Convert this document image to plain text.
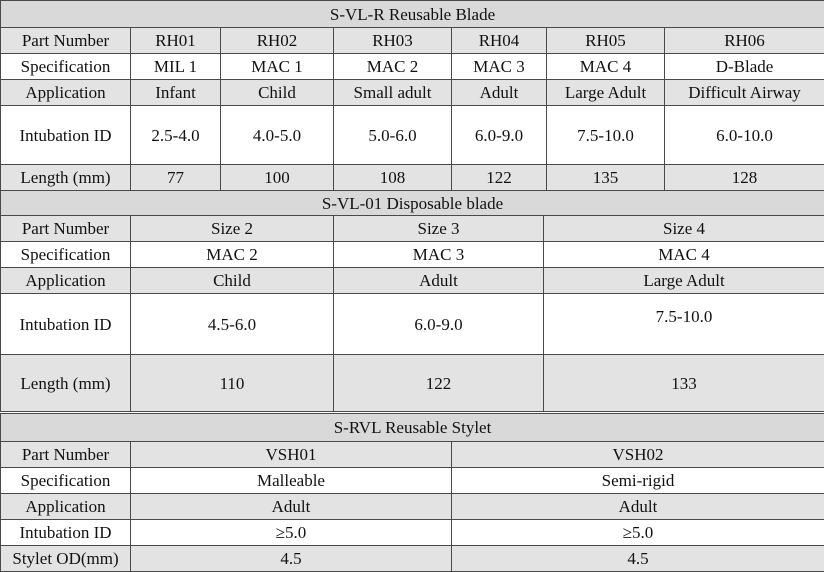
S-VL-R Reusable Blade						
Part Number	RH01	RH02	RH03	RH04	RH05	RH06
Specification	MIL 1	MAC 1	MAC 2	MAC 3	MAC 4	D-Blade
Application	Infant	Child	Small adult	Adult	Large Adult	Difficult Airway
Intubation ID	2.5-4.0	4.0-5.0	5.0-6.0	6.0-9.0	7.5-10.0	6.0-10.0
Length (mm)	77	100	108	122	135	128
S-VL-01 Disposable blade			
Part Number	Size 2	Size 3	Size 4
Specification	MAC 2	MAC 3	MAC 4
Application	Child	Adult	Large Adult
Intubation ID	4.5-6.0	6.0-9.0	7.5-10.0
Length (mm)	110	122	133
S-RVL Reusable Stylet		
Part Number	VSH01	VSH02
Specification	Malleable	Semi-rigid
Application	Adult	Adult
Intubation ID	≥5.0	≥5.0
Stylet OD(mm)	4.5	4.5
